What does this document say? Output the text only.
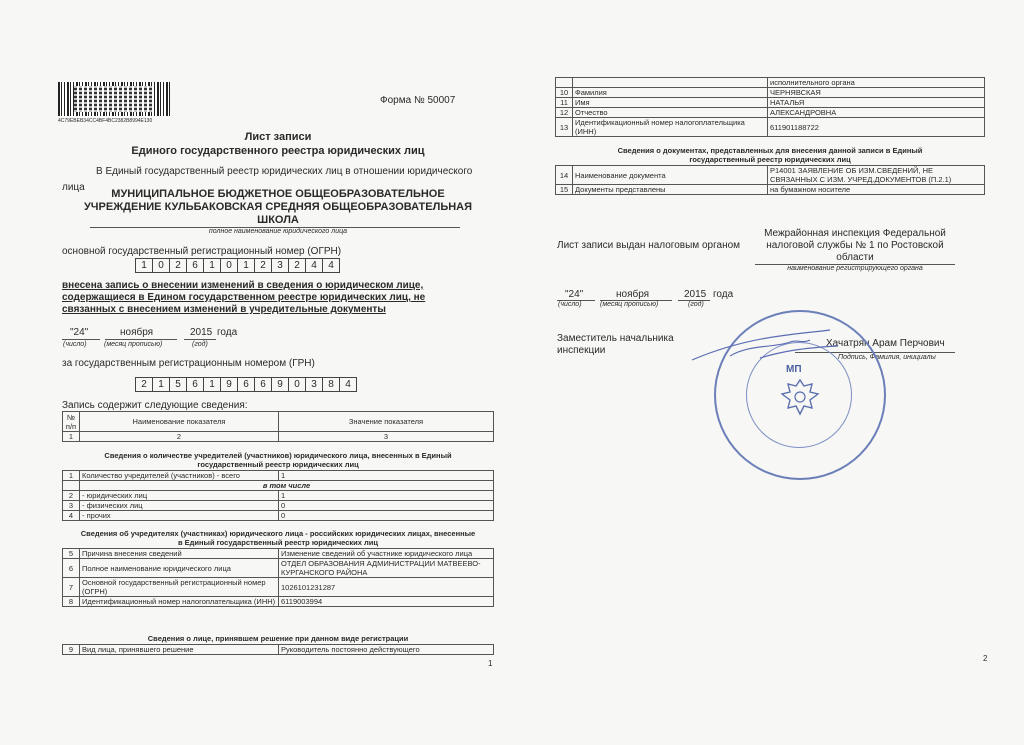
4C79EBEB34CC4BF4BC2382B8994E130
Форма № 50007
Лист записи
Единого государственного реестра юридических лиц
В Единый государственный реестр юридических лиц в отношении юридического
лица
МУНИЦИПАЛЬНОЕ БЮДЖЕТНОЕ ОБЩЕОБРАЗОВАТЕЛЬНОЕ
УЧРЕЖДЕНИЕ КУЛЬБАКОВСКАЯ СРЕДНЯЯ ОБЩЕОБРАЗОВАТЕЛЬНАЯ
ШКОЛА
полное наименование юридического лица
основной государственный регистрационный номер (ОГРН)
1	0	2	6	1	0	1	2	3	2	4	4
внесена запись о внесении изменений в сведения о юридическом лице,
содержащиеся в Едином государственном реестре юридических лиц, не
связанных с внесением изменений в учредительные документы
"24"	ноября	2015 года
(число) (месяц прописью)	(год)
за государственным регистрационным номером (ГРН)
2	1	5	6	1	9	6	6	9	0	3	8	4
Запись содержит следующие сведения:
№ п/п	Наименование показателя	Значение показателя
1	2	3
Сведения о количестве учредителей (участников) юридического лица, внесенных в Единый
государственный реестр юридических лиц
1	Количество учредителей (участников) - всего	1
	в том числе	
2	- юридических лиц	1
3	- физических лиц	0
4	- прочих	0
Сведения об учредителях (участниках) юридического лица - российских юридических лицах, внесенные
в Единый государственный реестр юридических лиц
5	Причина внесения сведений	Изменение сведений об участнике юридического лица
6	Полное наименование юридического лица	ОТДЕЛ ОБРАЗОВАНИЯ АДМИНИСТРАЦИИ МАТВЕЕВО-КУРГАНСКОГО РАЙОНА
7	Основной государственный регистрационный номер (ОГРН)	1026101231287
8	Идентификационный номер налогоплательщика (ИНН)	6119003994
Сведения о лице, принявшем решение при данном виде регистрации
9	Вид лица, принявшего решение	Руководитель постоянно действующего
1
		исполнительного органа
10	Фамилия	ЧЕРНЯВСКАЯ
11	Имя	НАТАЛЬЯ
12	Отчество	АЛЕКСАНДРОВНА
13	Идентификационный номер налогоплательщика (ИНН)	611901188722
Сведения о документах, представленных для внесения данной записи в Единый
государственный реестр юридических лиц
14	Наименование документа	Р14001 ЗАЯВЛЕНИЕ ОБ ИЗМ.СВЕДЕНИЙ, НЕ СВЯЗАННЫХ С ИЗМ. УЧРЕД.ДОКУМЕНТОВ (П.2.1)
15	Документы представлены	на бумажном носителе
Лист записи выдан налоговым органом
Межрайонная инспекция Федеральной
налоговой службы № 1 по Ростовской
области
наименование регистрирующего органа
"24"	ноября	2015 года
(число)	(месяц прописью)	(год)
Заместитель начальника
инспекции
Хачатрян Арам Перчович
Подпись, Фамилия, инициалы
МП
2
